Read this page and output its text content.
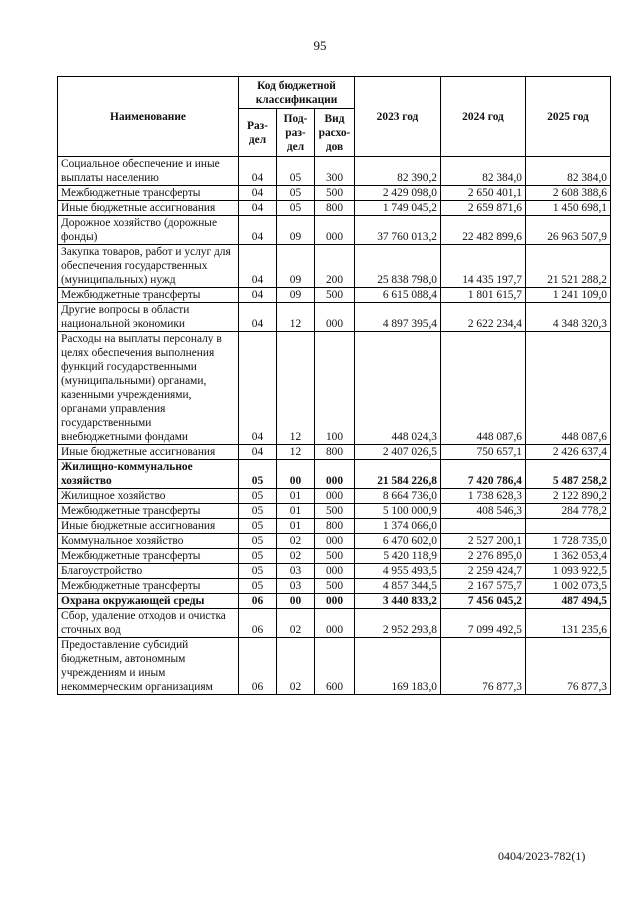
95
Наименование	Код бюджетной классификации			2023 год	2024 год	2025 год
	Раз-дел	Под-раз-дел	Вид расхо-дов			
Социальное обеспечение и иные выплаты населению	04	05	300	82 390,2	82 384,0	82 384,0
Межбюджетные трансферты	04	05	500	2 429 098,0	2 650 401,1	2 608 388,6
Иные бюджетные ассигнования	04	05	800	1 749 045,2	2 659 871,6	1 450 698,1
Дорожное хозяйство (дорожные фонды)	04	09	000	37 760 013,2	22 482 899,6	26 963 507,9
Закупка товаров, работ и услуг для обеспечения государственных (муниципальных) нужд	04	09	200	25 838 798,0	14 435 197,7	21 521 288,2
Межбюджетные трансферты	04	09	500	6 615 088,4	1 801 615,7	1 241 109,0
Другие вопросы в области национальной экономики	04	12	000	4 897 395,4	2 622 234,4	4 348 320,3
Расходы на выплаты персоналу в целях обеспечения выполнения функций государственными (муниципальными) органами, казенными учреждениями, органами управления государственными внебюджетными фондами	04	12	100	448 024,3	448 087,6	448 087,6
Иные бюджетные ассигнования	04	12	800	2 407 026,5	750 657,1	2 426 637,4
Жилищно-коммунальное хозяйство	05	00	000	21 584 226,8	7 420 786,4	5 487 258,2
Жилищное хозяйство	05	01	000	8 664 736,0	1 738 628,3	2 122 890,2
Межбюджетные трансферты	05	01	500	5 100 000,9	408 546,3	284 778,2
Иные бюджетные ассигнования	05	01	800	1 374 066,0		
Коммунальное хозяйство	05	02	000	6 470 602,0	2 527 200,1	1 728 735,0
Межбюджетные трансферты	05	02	500	5 420 118,9	2 276 895,0	1 362 053,4
Благоустройство	05	03	000	4 955 493,5	2 259 424,7	1 093 922,5
Межбюджетные трансферты	05	03	500	4 857 344,5	2 167 575,7	1 002 073,5
Охрана окружающей среды	06	00	000	3 440 833,2	7 456 045,2	487 494,5
Сбор, удаление отходов и очистка сточных вод	06	02	000	2 952 293,8	7 099 492,5	131 235,6
Предоставление субсидий бюджетным, автономным учреждениям и иным некоммерческим организациям	06	02	600	169 183,0	76 877,3	76 877,3
0404/2023-782(1)
